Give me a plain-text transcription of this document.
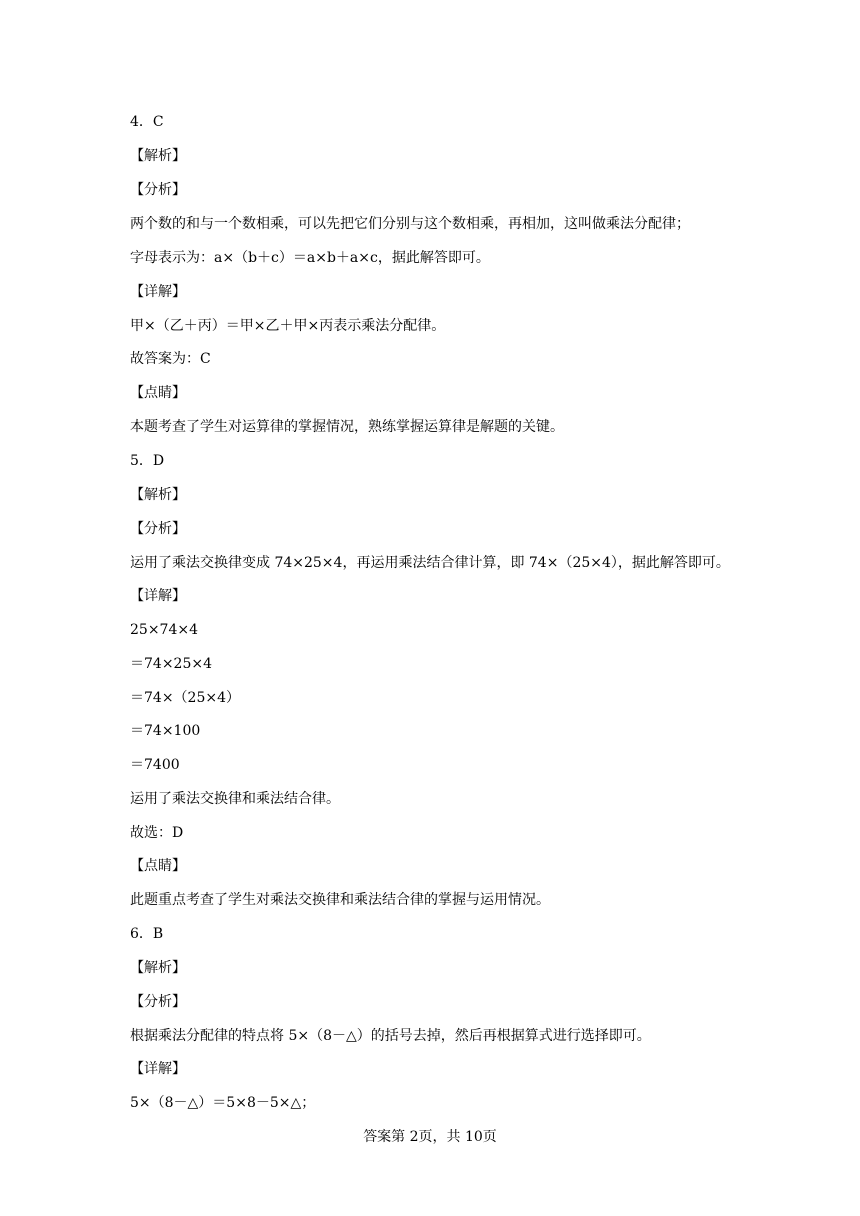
4．C
【解析】
【分析】
两个数的和与一个数相乘，可以先把它们分别与这个数相乘，再相加，这叫做乘法分配律；
字母表示为：a×（b＋c）＝a×b＋a×c，据此解答即可。
【详解】
甲×（乙＋丙）＝甲×乙＋甲×丙表示乘法分配律。
故答案为：C
【点睛】
本题考查了学生对运算律的掌握情况，熟练掌握运算律是解题的关键。
5．D
【解析】
【分析】
运用了乘法交换律变成 74×25×4，再运用乘法结合律计算，即 74×（25×4），据此解答即可。
【详解】
25×74×4
＝74×25×4
＝74×（25×4）
＝74×100
＝7400
运用了乘法交换律和乘法结合律。
故选：D
【点睛】
此题重点考查了学生对乘法交换律和乘法结合律的掌握与运用情况。
6．B
【解析】
【分析】
根据乘法分配律的特点将 5×（8－△）的括号去掉，然后再根据算式进行选择即可。
【详解】
5×（8－△）＝5×8－5×△；
答案第 2页，共 10页
